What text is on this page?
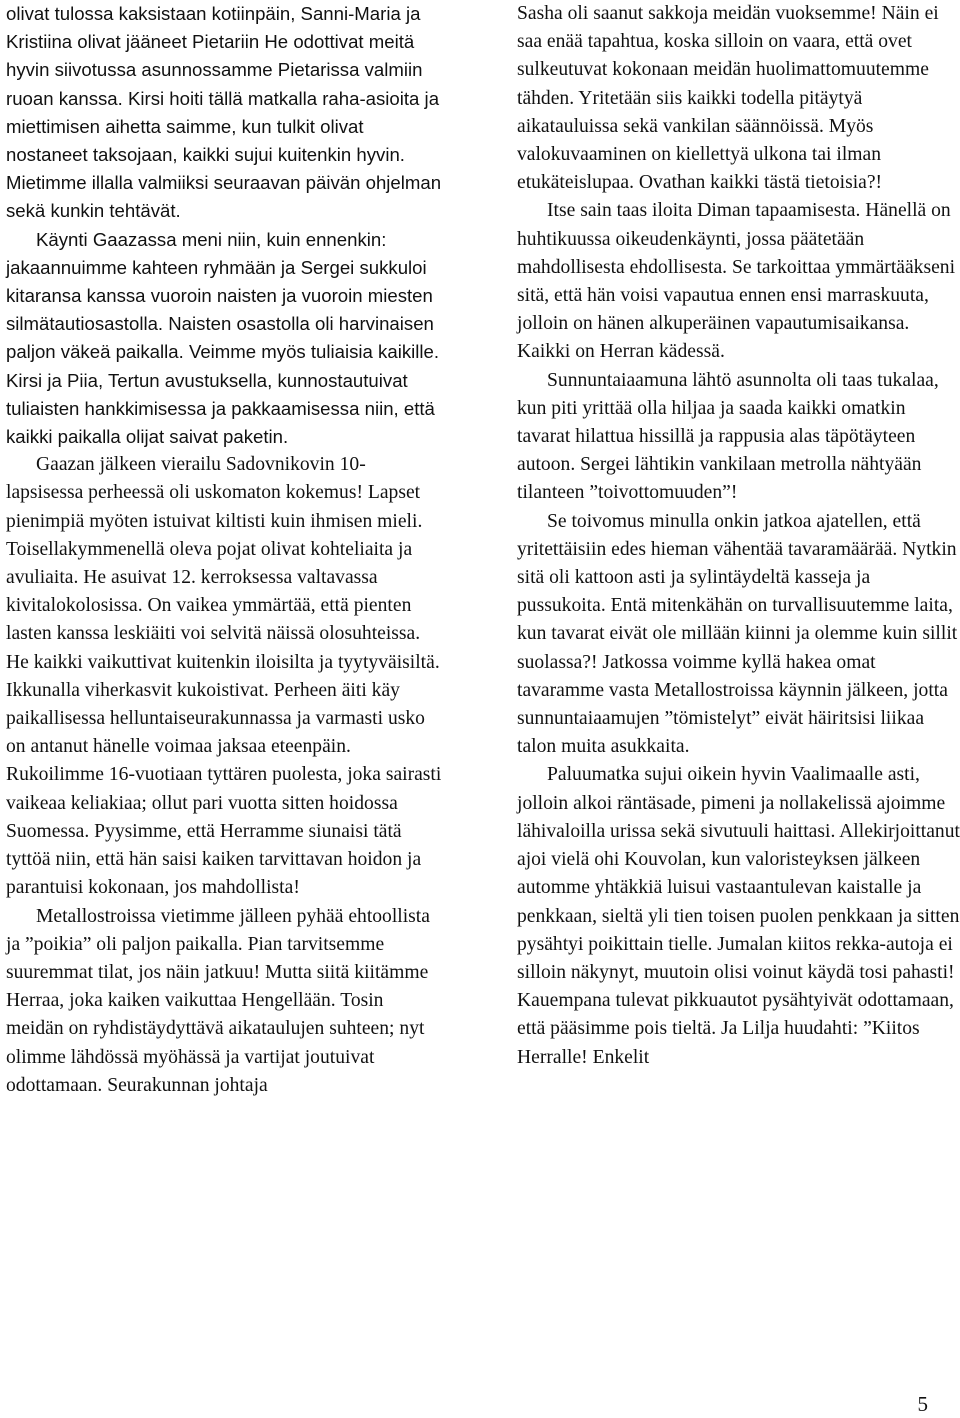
olivat tulossa kaksistaan kotiinpäin, Sanni-Maria ja Kristiina olivat jääneet Pietariin He odottivat meitä hyvin siivotussa asunnossamme Pietarissa valmiin ruoan kanssa. Kirsi hoiti tällä matkalla raha-asioita ja miettimisen aihetta saimme, kun tulkit olivat nostaneet taksojaan, kaikki sujui kuitenkin hyvin. Mietimme illalla valmiiksi seuraavan päivän ohjelman sekä kunkin tehtävät.

Käynti Gaazassa meni niin, kuin ennenkin: jakaannuimme kahteen ryhmään ja Sergei sukkuloi kitaransa kanssa vuoroin naisten ja vuoroin miesten silmätautiosastolla. Naisten osastolla oli harvinaisen paljon väkeä paikalla. Veimme myös tuliaisia kaikille. Kirsi ja Piia, Tertun avustuksella, kunnostautuivat tuliaisten hankkimisessa ja pakkaamisessa niin, että kaikki paikalla olijat saivat paketin.

Gaazan jälkeen vierailu Sadovnikovin 10-lapsisessa perheessä oli uskomaton kokemus! Lapset pienimpiä myöten istuivat kiltisti kuin ihmisen mieli. Toisellakymmenellä oleva pojat olivat kohteliaita ja avuliaita. He asuivat 12. kerroksessa valtavassa kivitalokolosissa. On vaikea ymmärtää, että pienten lasten kanssa leskiäiti voi selvitä näissä olosuhteissa. He kaikki vaikuttivat kuitenkin iloisilta ja tyytyväisiltä. Ikkunalla viherkasvit kukoistivat. Perheen äiti käy paikallisessa helluntaiseurakunnassa ja varmasti usko on antanut hänelle voimaa jaksaa eteenpäin. Rukoilimme 16-vuotiaan tyttären puolesta, joka sairasti vaikeaa keliakiaa; ollut pari vuotta sitten hoidossa Suomessa. Pyysimme, että Herramme siunaisi tätä tyttöä niin, että hän saisi kaiken tarvittavan hoidon ja parantuisi kokonaan, jos mahdollista!

Metallostroissa vietimme jälleen pyhää ehtoollista ja ”poikia” oli paljon paikalla. Pian tarvitsemme suuremmat tilat, jos näin jatkuu! Mutta siitä kiitämme Herraa, joka kaiken vaikuttaa Hengellään. Tosin meidän on ryhdistäydyttävä aikataulujen suhteen; nyt olimme lähdössä myöhässä ja vartijat joutuivat odottamaan. Seurakunnan johtaja

Sasha oli saanut sakkoja meidän vuoksemme! Näin ei saa enää tapahtua, koska silloin on vaara, että ovet sulkeutuvat kokonaan meidän huolimattomuutemme tähden. Yritetään siis kaikki todella pitäytyä aikatauluissa sekä vankilan säännöissä. Myös valokuvaaminen on kiellettyä ulkona tai ilman etukäteislupaa. Ovathan kaikki tästä tietoisia?!

Itse sain taas iloita Diman tapaamisesta. Hänellä on huhtikuussa oikeudenkäynti, jossa päätetään mahdollisesta ehdollisesta. Se tarkoittaa ymmärtääkseni sitä, että hän voisi vapautua ennen ensi marraskuuta, jolloin on hänen alkuperäinen vapautumisaikansa. Kaikki on Herran kädessä.

Sunnuntaiaamuna lähtö asunnolta oli taas tukalaa, kun piti yrittää olla hiljaa ja saada kaikki omatkin tavarat hilattua hissillä ja rappusia alas täpötäyteen autoon. Sergei lähtikin vankilaan metrolla nähtyään tilanteen ”toivottomuuden”!

Se toivomus minulla onkin jatkoa ajatellen, että yritettäisiin edes hieman vähentää tavaramäärää. Nytkin sitä oli kattoon asti ja sylintäydeltä kasseja ja pussukoita. Entä mitenkähän on turvallisuutemme laita, kun tavarat eivät ole millään kiinni ja olemme kuin sillit suolassa?! Jatkossa voimme kyllä hakea omat tavaramme vasta Metallostroissa käynnin jälkeen, jotta sunnuntaiaamujen ”tömistelyt” eivät häiritsisi liikaa talon muita asukkaita.

Paluumatka sujui oikein hyvin Vaalimaalle asti, jolloin alkoi räntäsade, pimeni ja nollakelissä ajoimme lähivaloilla urissa sekä sivutuuli haittasi. Allekirjoittanut ajoi vielä ohi Kouvolan, kun valoristeyksen jälkeen automme yhtäkkiä luisui vastaantulevan kaistalle ja penkkaan, sieltä yli tien toisen puolen penkkaan ja sitten pysähtyi poikittain tielle. Jumalan kiitos rekka-autoja ei silloin näkynyt, muutoin olisi voinut käydä tosi pahasti! Kauempana tulevat pikkuautot pysähtyivät odottamaan, että pääsimme pois tieltä. Ja Lilja huudahti: ”Kiitos Herralle! Enkelit

5
